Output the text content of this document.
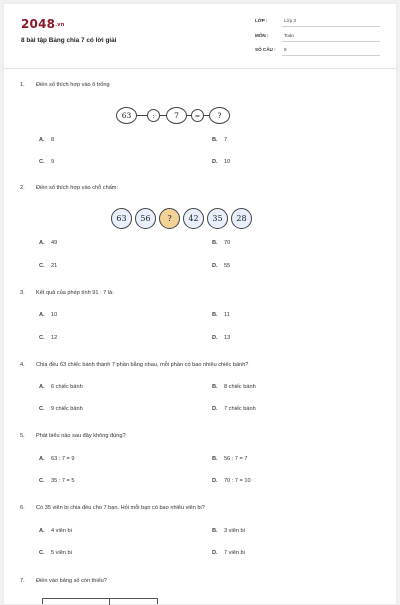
2048.vn
8 bài tập Bảng chia 7 có lời giải
LỚP :	Lớp 3
MÔN :	Toán
SỐ CÂU : 8
1. Điền số thích hợp vào ô trống
63	:	7	=	?
A. 8	B. 7
C. 9	D. 10
2. Điền số thích hợp vào chỗ chấm:
63	56	?	42	35	28
A. 49	B. 70
C. 21	D. 55
3. Kết quả của phép tính 91 : 7 là:
A. 10	B. 11
C. 12	D. 13
4. Chia đều 63 chiếc bánh thành 7 phần bằng nhau, mỗi phần có bao nhiêu chiếc bánh?
A. 6 chiếc bánh	B. 8 chiếc bánh
C. 9 chiếc bánh	D. 7 chiếc bánh
5. Phát biểu nào sau đây không đúng?
A. 63 : 7 = 9	B. 56 : 7 = 7
C. 35 : 7 = 5	D. 70 : 7 = 10
6. Có 35 viên bi chia đều cho 7 bạn. Hỏi mỗi bạn có bao nhiêu viên bi?
A. 4 viên bi	B. 3 viên bi
C. 5 viên bi	D. 7 viên bi
7. Điền vào bảng số còn thiếu?
